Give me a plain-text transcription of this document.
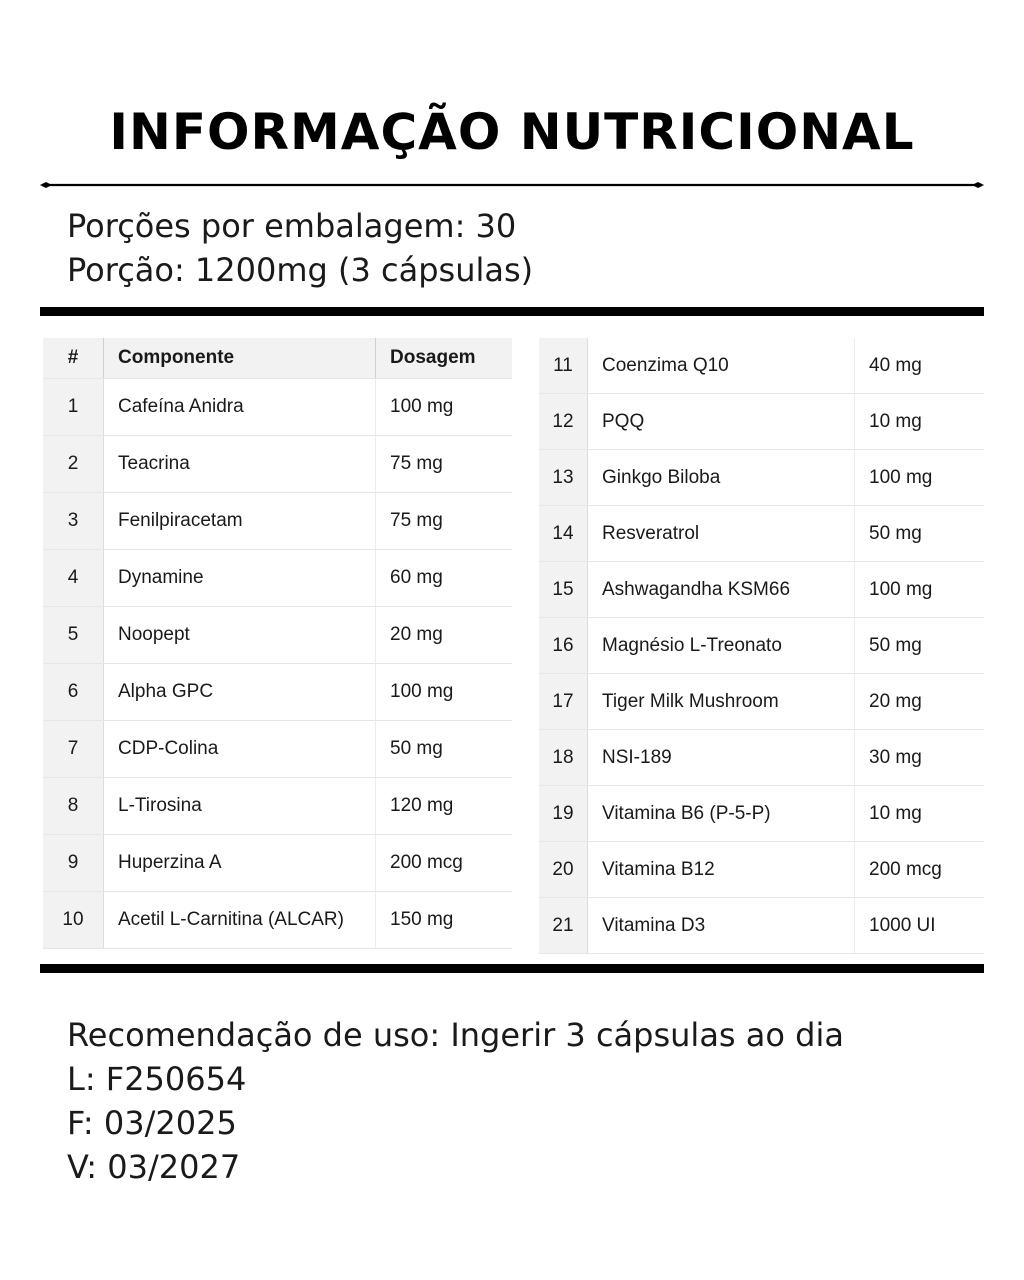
INFORMAÇÃO NUTRICIONAL
Porções por embalagem: 30
Porção: 1200mg (3 cápsulas)
#	Componente	Dosagem
1	Cafeína Anidra	100 mg
2	Teacrina	75 mg
3	Fenilpiracetam	75 mg
4	Dynamine	60 mg
5	Noopept	20 mg
6	Alpha GPC	100 mg
7	CDP-Colina	50 mg
8	L-Tirosina	120 mg
9	Huperzina A	200 mcg
10	Acetil L-Carnitina (ALCAR)	150 mg
11	Coenzima Q10	40 mg
12	PQQ	10 mg
13	Ginkgo Biloba	100 mg
14	Resveratrol	50 mg
15	Ashwagandha KSM66	100 mg
16	Magnésio L-Treonato	50 mg
17	Tiger Milk Mushroom	20 mg
18	NSI-189	30 mg
19	Vitamina B6 (P-5-P)	10 mg
20	Vitamina B12	200 mcg
21	Vitamina D3	1000 UI
Recomendação de uso: Ingerir 3 cápsulas ao dia
L: F250654
F: 03/2025
V: 03/2027
